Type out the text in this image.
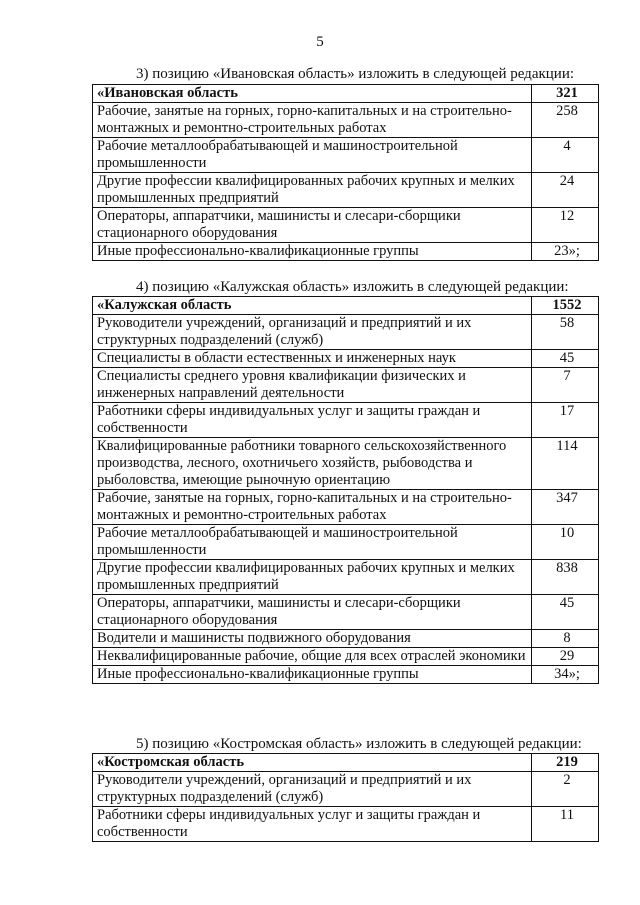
5
3) позицию «Ивановская область» изложить в следующей редакции:
«Ивановская область	321
Рабочие, занятые на горных, горно-капитальных и на строительно-монтажных и ремонтно-строительных работах	258
Рабочие металлообрабатывающей и машиностроительной промышленности	4
Другие профессии квалифицированных рабочих крупных и мелких промышленных предприятий	24
Операторы, аппаратчики, машинисты и слесари-сборщики стационарного оборудования	12
Иные профессионально-квалификационные группы	23»;
4) позицию «Калужская область» изложить в следующей редакции:
«Калужская область	1552
Руководители учреждений, организаций и предприятий и их структурных подразделений (служб)	58
Специалисты в области естественных и инженерных наук	45
Специалисты среднего уровня квалификации физических и инженерных направлений деятельности	7
Работники сферы индивидуальных услуг и защиты граждан и собственности	17
Квалифицированные работники товарного сельскохозяйственного производства, лесного, охотничьего хозяйств, рыбоводства и рыболовства, имеющие рыночную ориентацию	114
Рабочие, занятые на горных, горно-капитальных и на строительно-монтажных и ремонтно-строительных работах	347
Рабочие металлообрабатывающей и машиностроительной промышленности	10
Другие профессии квалифицированных рабочих крупных и мелких промышленных предприятий	838
Операторы, аппаратчики, машинисты и слесари-сборщики стационарного оборудования	45
Водители и машинисты подвижного оборудования	8
Неквалифицированные рабочие, общие для всех отраслей экономики	29
Иные профессионально-квалификационные группы	34»;
5) позицию «Костромская область» изложить в следующей редакции:
«Костромская область	219
Руководители учреждений, организаций и предприятий и их структурных подразделений (служб)	2
Работники сферы индивидуальных услуг и защиты граждан и собственности	11
